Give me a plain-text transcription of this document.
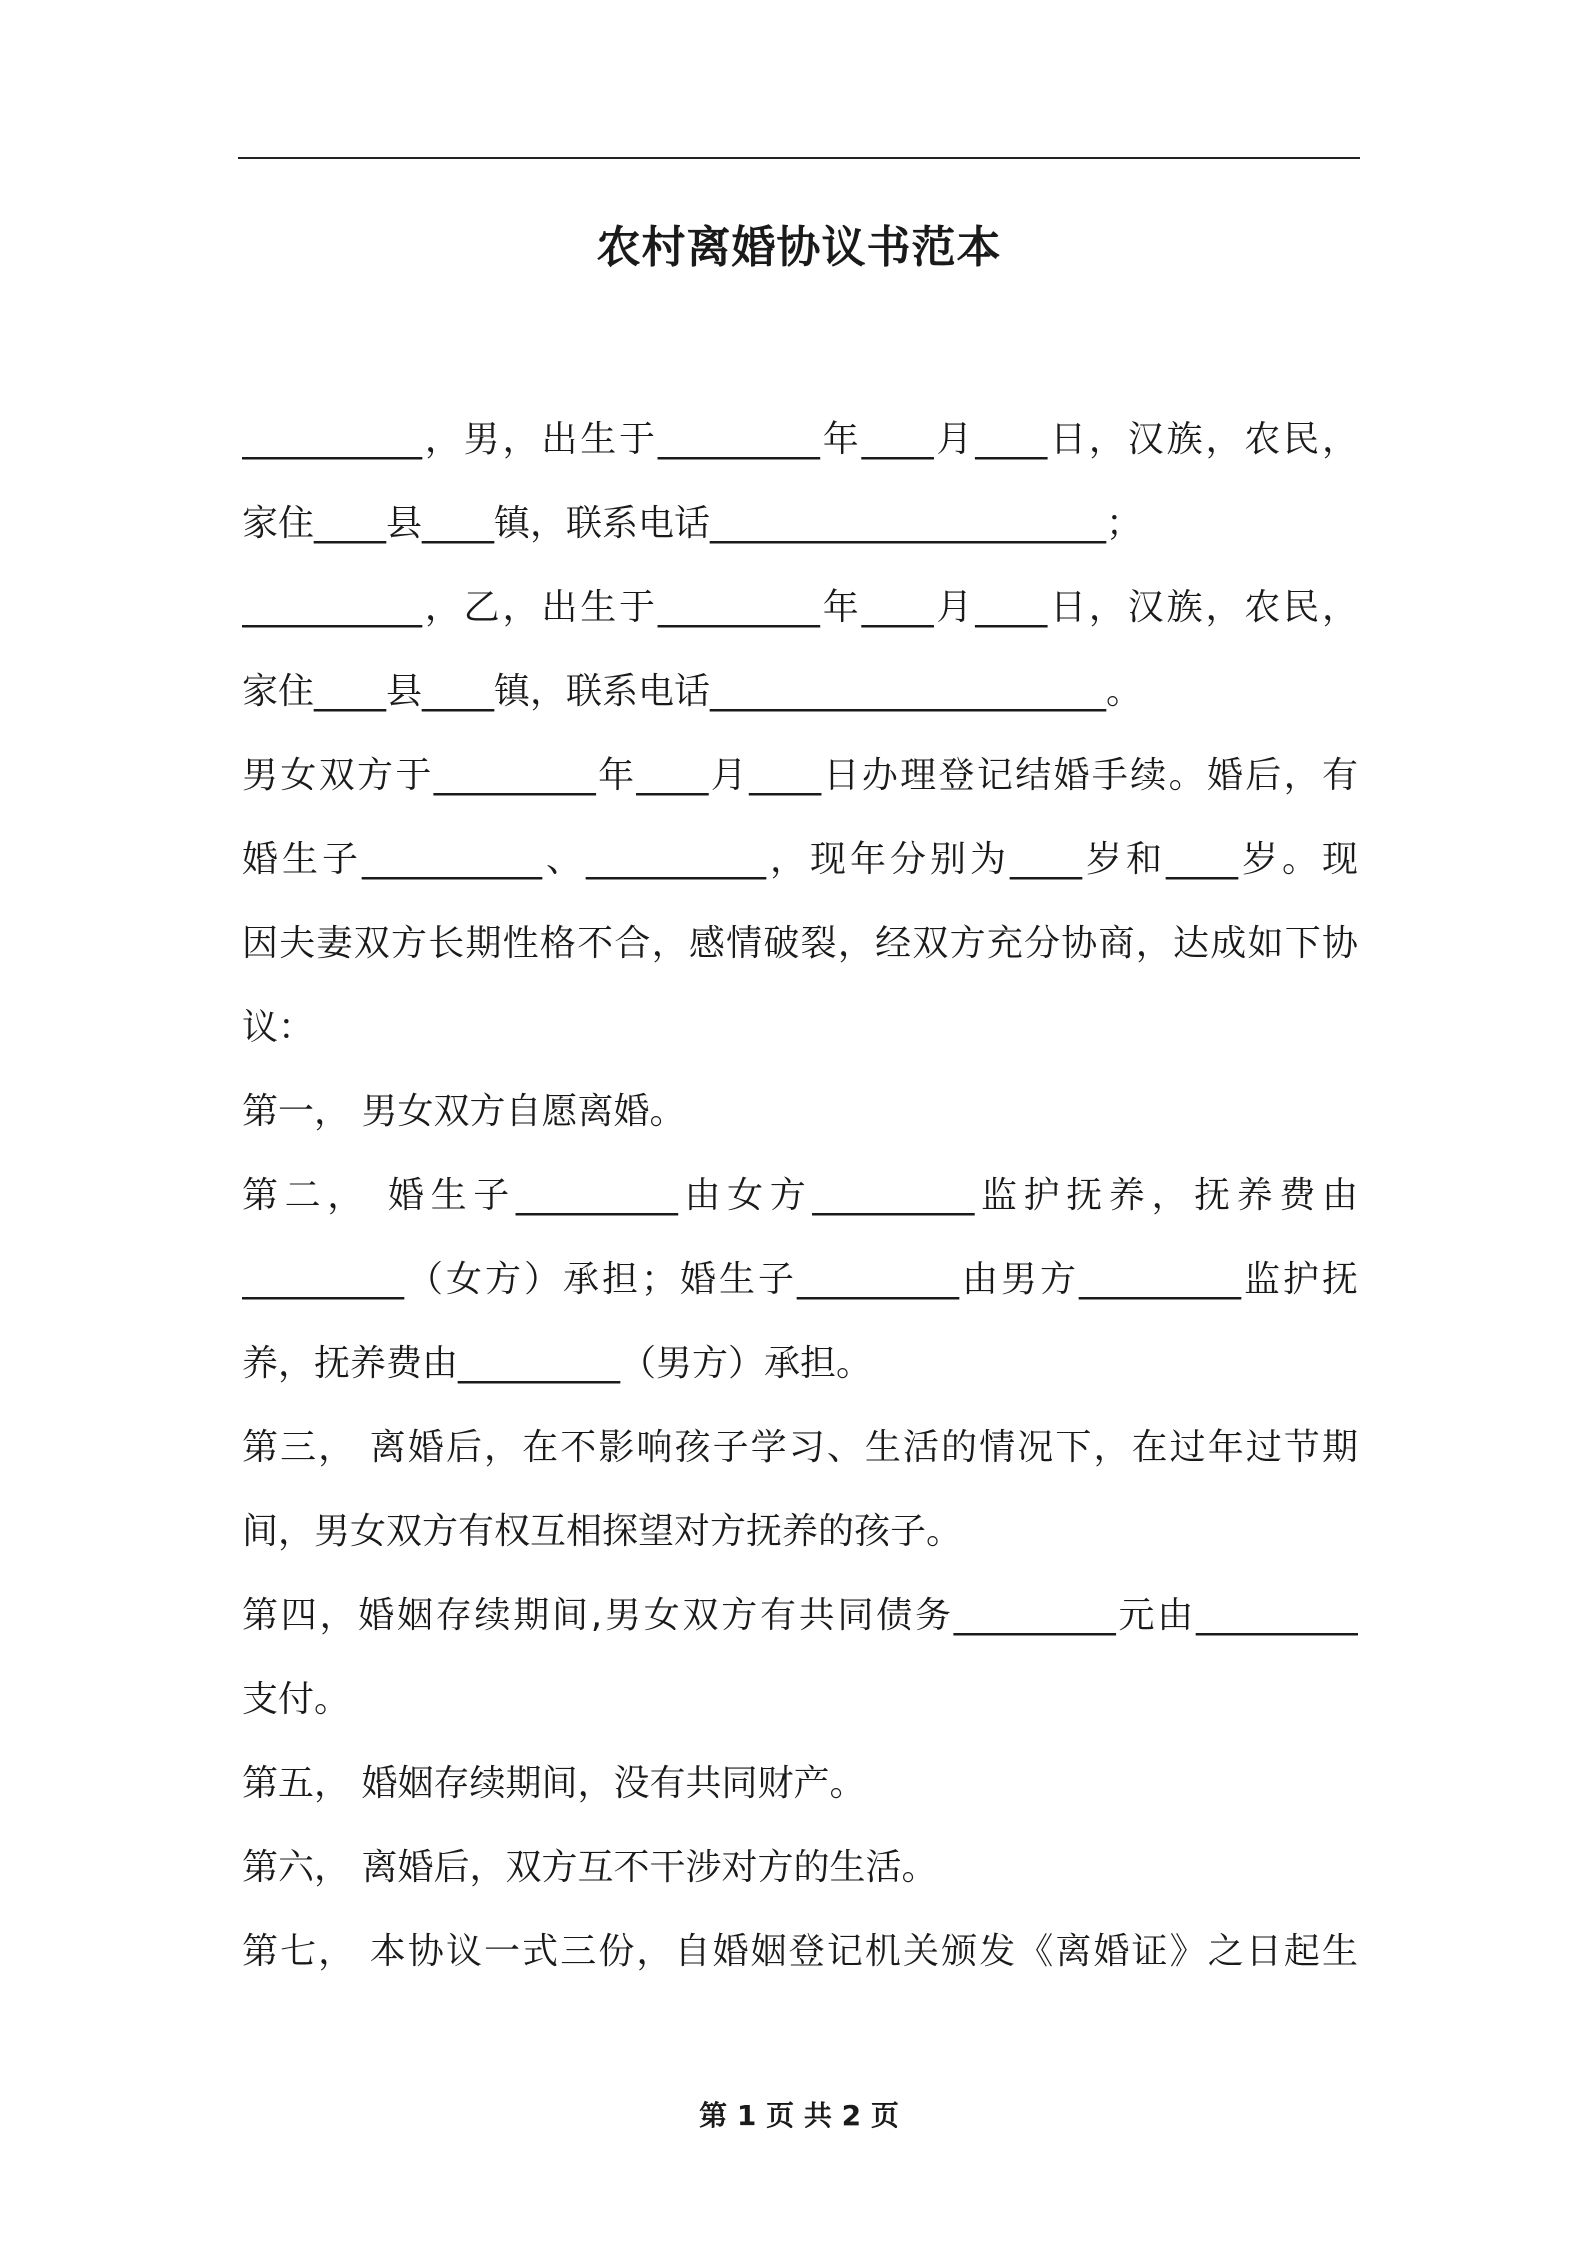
农村离婚协议书范本
__________，男，出生于_________年____月____日，汉族，农民，
家住____县____镇，联系电话______________________；
__________，乙，出生于_________年____月____日，汉族，农民，
家住____县____镇，联系电话______________________。
男女双方于_________年____月____日办理登记结婚手续。婚后，有
婚生子__________、__________，现年分别为____岁和____岁。现
因夫妻双方长期性格不合，感情破裂，经双方充分协商，达成如下协
议：
第一， 男女双方自愿离婚。
第二， 婚生子_________由女方_________监护抚养，抚养费由
_________（女方）承担；婚生子_________由男方_________监护抚
养，抚养费由_________（男方）承担。
第三， 离婚后，在不影响孩子学习、生活的情况下，在过年过节期
间，男女双方有权互相探望对方抚养的孩子。
第四，婚姻存续期间,男女双方有共同债务_________元由_________
支付。
第五， 婚姻存续期间，没有共同财产。
第六， 离婚后，双方互不干涉对方的生活。
第七， 本协议一式三份，自婚姻登记机关颁发《离婚证》之日起生
第 1 页 共 2 页
